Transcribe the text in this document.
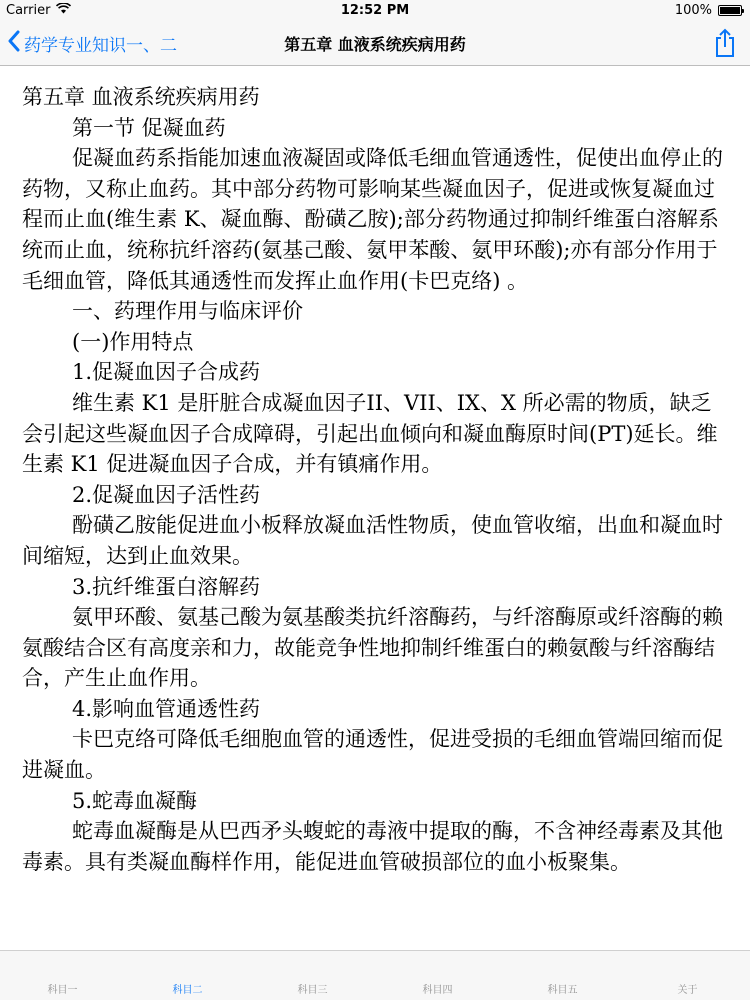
Carrier	12:52 PM	100%
药学专业知识一、二	第五章 血液系统疾病用药

第五章 血液系统疾病用药

第一节 促凝血药

促凝血药系指能加速血液凝固或降低毛细血管通透性，促使出血停止的药物，又称止血药。其中部分药物可影响某些凝血因子，促进或恢复凝血过程而止血(维生素 K、凝血酶、酚磺乙胺);部分药物通过抑制纤维蛋白溶解系统而止血，统称抗纤溶药(氨基己酸、氨甲苯酸、氨甲环酸);亦有部分作用于毛细血管，降低其通透性而发挥止血作用(卡巴克络) 。

一、药理作用与临床评价

(一)作用特点

1.促凝血因子合成药

维生素 K1 是肝脏合成凝血因子II、VII、IX、X 所必需的物质，缺乏会引起这些凝血因子合成障碍，引起出血倾向和凝血酶原时间(PT)延长。维生素 K1 促进凝血因子合成，并有镇痛作用。

2.促凝血因子活性药

酚磺乙胺能促进血小板释放凝血活性物质，使血管收缩，出血和凝血时间缩短，达到止血效果。

3.抗纤维蛋白溶解药

氨甲环酸、氨基己酸为氨基酸类抗纤溶酶药，与纤溶酶原或纤溶酶的赖氨酸结合区有高度亲和力，故能竞争性地抑制纤维蛋白的赖氨酸与纤溶酶结合，产生止血作用。

4.影响血管通透性药

卡巴克络可降低毛细胞血管的通透性，促进受损的毛细血管端回缩而促进凝血。

5.蛇毒血凝酶

蛇毒血凝酶是从巴西矛头蝮蛇的毒液中提取的酶，不含神经毒素及其他毒素。具有类凝血酶样作用，能促进血管破损部位的血小板聚集。

科目一	科目二	科目三	科目四	科目五	关于
